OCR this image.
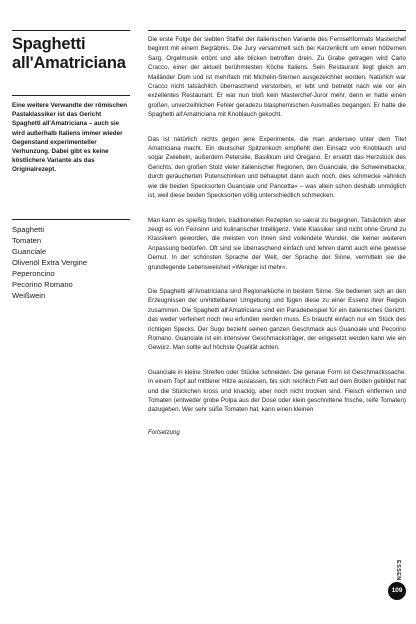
Spaghetti all'Amatriciana

Eine weitere Verwandte der römischen Pastaklassiker ist das Gericht Spaghetti all'Amatriciana – auch sie wird außerhalb Italiens immer wieder Gegenstand experimenteller Verhunzung. Dabei gibt es keine köstlichere Variante als das Originalrezept.

Spaghetti
Tomaten
Guanciale
Olivenöl Extra Vergine
Peperoncino
Pecorino Romano
Weißwein

Die erste Folge der siebten Staffel der italienischen Variante des Fernsehformats Masterchef beginnt mit einem Begräbnis. Die Jury versammelt sich bei Kerzenlicht um einen hölzernen Sarg, Orgelmusik ertönt und alle blicken betroffen drein. Zu Grabe getragen wird Carlo Cracco, einer der aktuell berühmtesten Köche Italiens. Sein Restaurant liegt gleich am Mailänder Dom und ist mehrfach mit Michelin-Sternen ausgezeichnet worden. Natürlich war Cracco nicht tatsächlich überraschend verstorben, er lebt und betreibt nach wie vor ein exzellentes Restaurant. Er war nun bloß kein Masterchef-Juror mehr, denn er hatte einen großen, unverzeihlichen Fehler geradezu blasphemischen Ausmaßes begangen: Er hatte die Spaghetti all'Amatriciana mit Knoblauch gekocht.

Das ist natürlich nichts gegen jene Experimente, die man anderswo unter dem Titel Amatriciana macht. Ein deutscher Spitzenkoch empfiehlt den Einsatz von Knoblauch und sogar Zwiebeln, außerdem Petersilie, Basilikum und Oregano. Er ersetzt das Herzstück des Gerichts, den großen Stolz vieler italienischer Regionen, den Guanciale, die Schweinebacke, durch geräucherten Putenschinken und behauptet dann auch noch, dies schmecke »ähnlich wie die beiden Specksorten Guanciale und Pancetta« – was allein schon deshalb unmöglich ist, weil diese beiden Specksorten völlig unterschiedlich schmecken.

Man kann es spießig finden, traditionellen Rezepten so sakral zu begegnen. Tatsächlich aber zeugt es von Feinsinn und kulinarischer Intelligenz. Viele Klassiker sind nicht ohne Grund zu Klassikern geworden, die meisten von ihnen sind vollendete Wunder, die keiner weiteren Anpassung bedürfen. Oft sind sie überraschend einfach und lehren damit auch eine gewisse Demut. In der schönsten Sprache der Welt, der Sprache der Sinne, vermitteln sie die grundlegende Lebensweisheit »Weniger ist mehr«.

Die Spaghetti all'Amatriciana sind Regionalküche in bestem Sinne. Sie bedienen sich an den Erzeugnissen der unmittelbaren Umgebung und fügen diese zu einer Essenz ihrer Region zusammen. Die Spaghetti all'Amatriciana sind ein Paradebeispiel für ein italienisches Gericht, das weder verfeinert noch neu erfunden werden muss. Es braucht einfach nur ein Stück des richtigen Specks. Der Sugo bezieht seinen ganzen Geschmack aus Guanciale und Pecorino Romano. Guanciale ist ein intensiver Geschmacksträger, der eingesetzt werden kann wie ein Gewürz. Man sollte auf höchste Qualität achten.

Guanciale in kleine Streifen oder Stücke schneiden. Die genaue Form ist Geschmackssache. In einem Topf auf mittlerer Hitze auslassen, bis sich reichlich Fett auf dem Boden gebildet hat und die Stückchen kross und knackig, aber noch nicht trocken sind. Fleisch entfernen und Tomaten (entweder grobe Polpa aus der Dose oder klein geschnittene frische, reife Tomaten) dazugeben. Wer sehr süße Tomaten hat, kann einen kleinen

Fortsetzung

ESSEN
109
